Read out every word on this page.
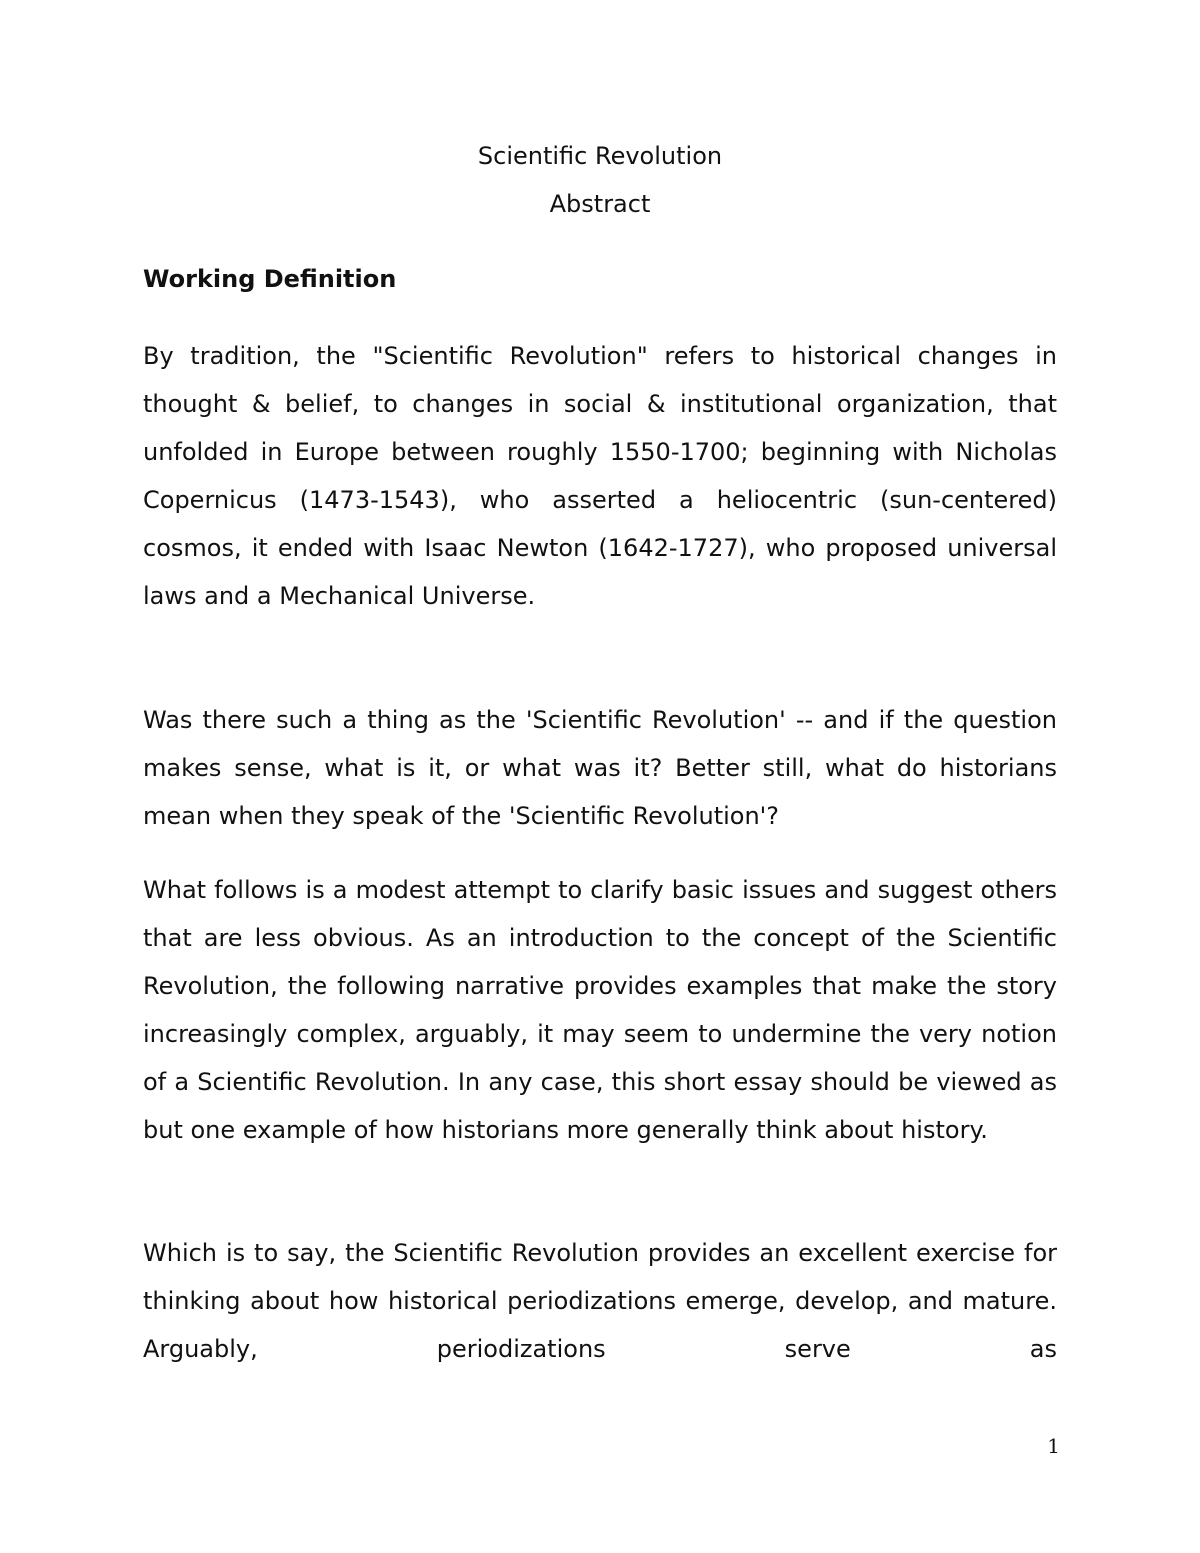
Scientific Revolution
Abstract
Working Definition

By tradition, the "Scientific Revolution" refers to historical changes in thought & belief, to changes in social & institutional organization, that unfolded in Europe between roughly 1550-1700; beginning with Nicholas Copernicus (1473-1543), who asserted a heliocentric (sun-centered) cosmos, it ended with Isaac Newton (1642-1727), who proposed universal laws and a Mechanical Universe.

Was there such a thing as the 'Scientific Revolution' -- and if the question makes sense, what is it, or what was it? Better still, what do historians mean when they speak of the 'Scientific Revolution'?

What follows is a modest attempt to clarify basic issues and suggest others that are less obvious. As an introduction to the concept of the Scientific Revolution, the following narrative provides examples that make the story increasingly complex, arguably, it may seem to undermine the very notion of a Scientific Revolution. In any case, this short essay should be viewed as but one example of how historians more generally think about history.

Which is to say, the Scientific Revolution provides an excellent exercise for thinking about how historical periodizations emerge, develop, and mature. Arguably, periodizations serve as

1
